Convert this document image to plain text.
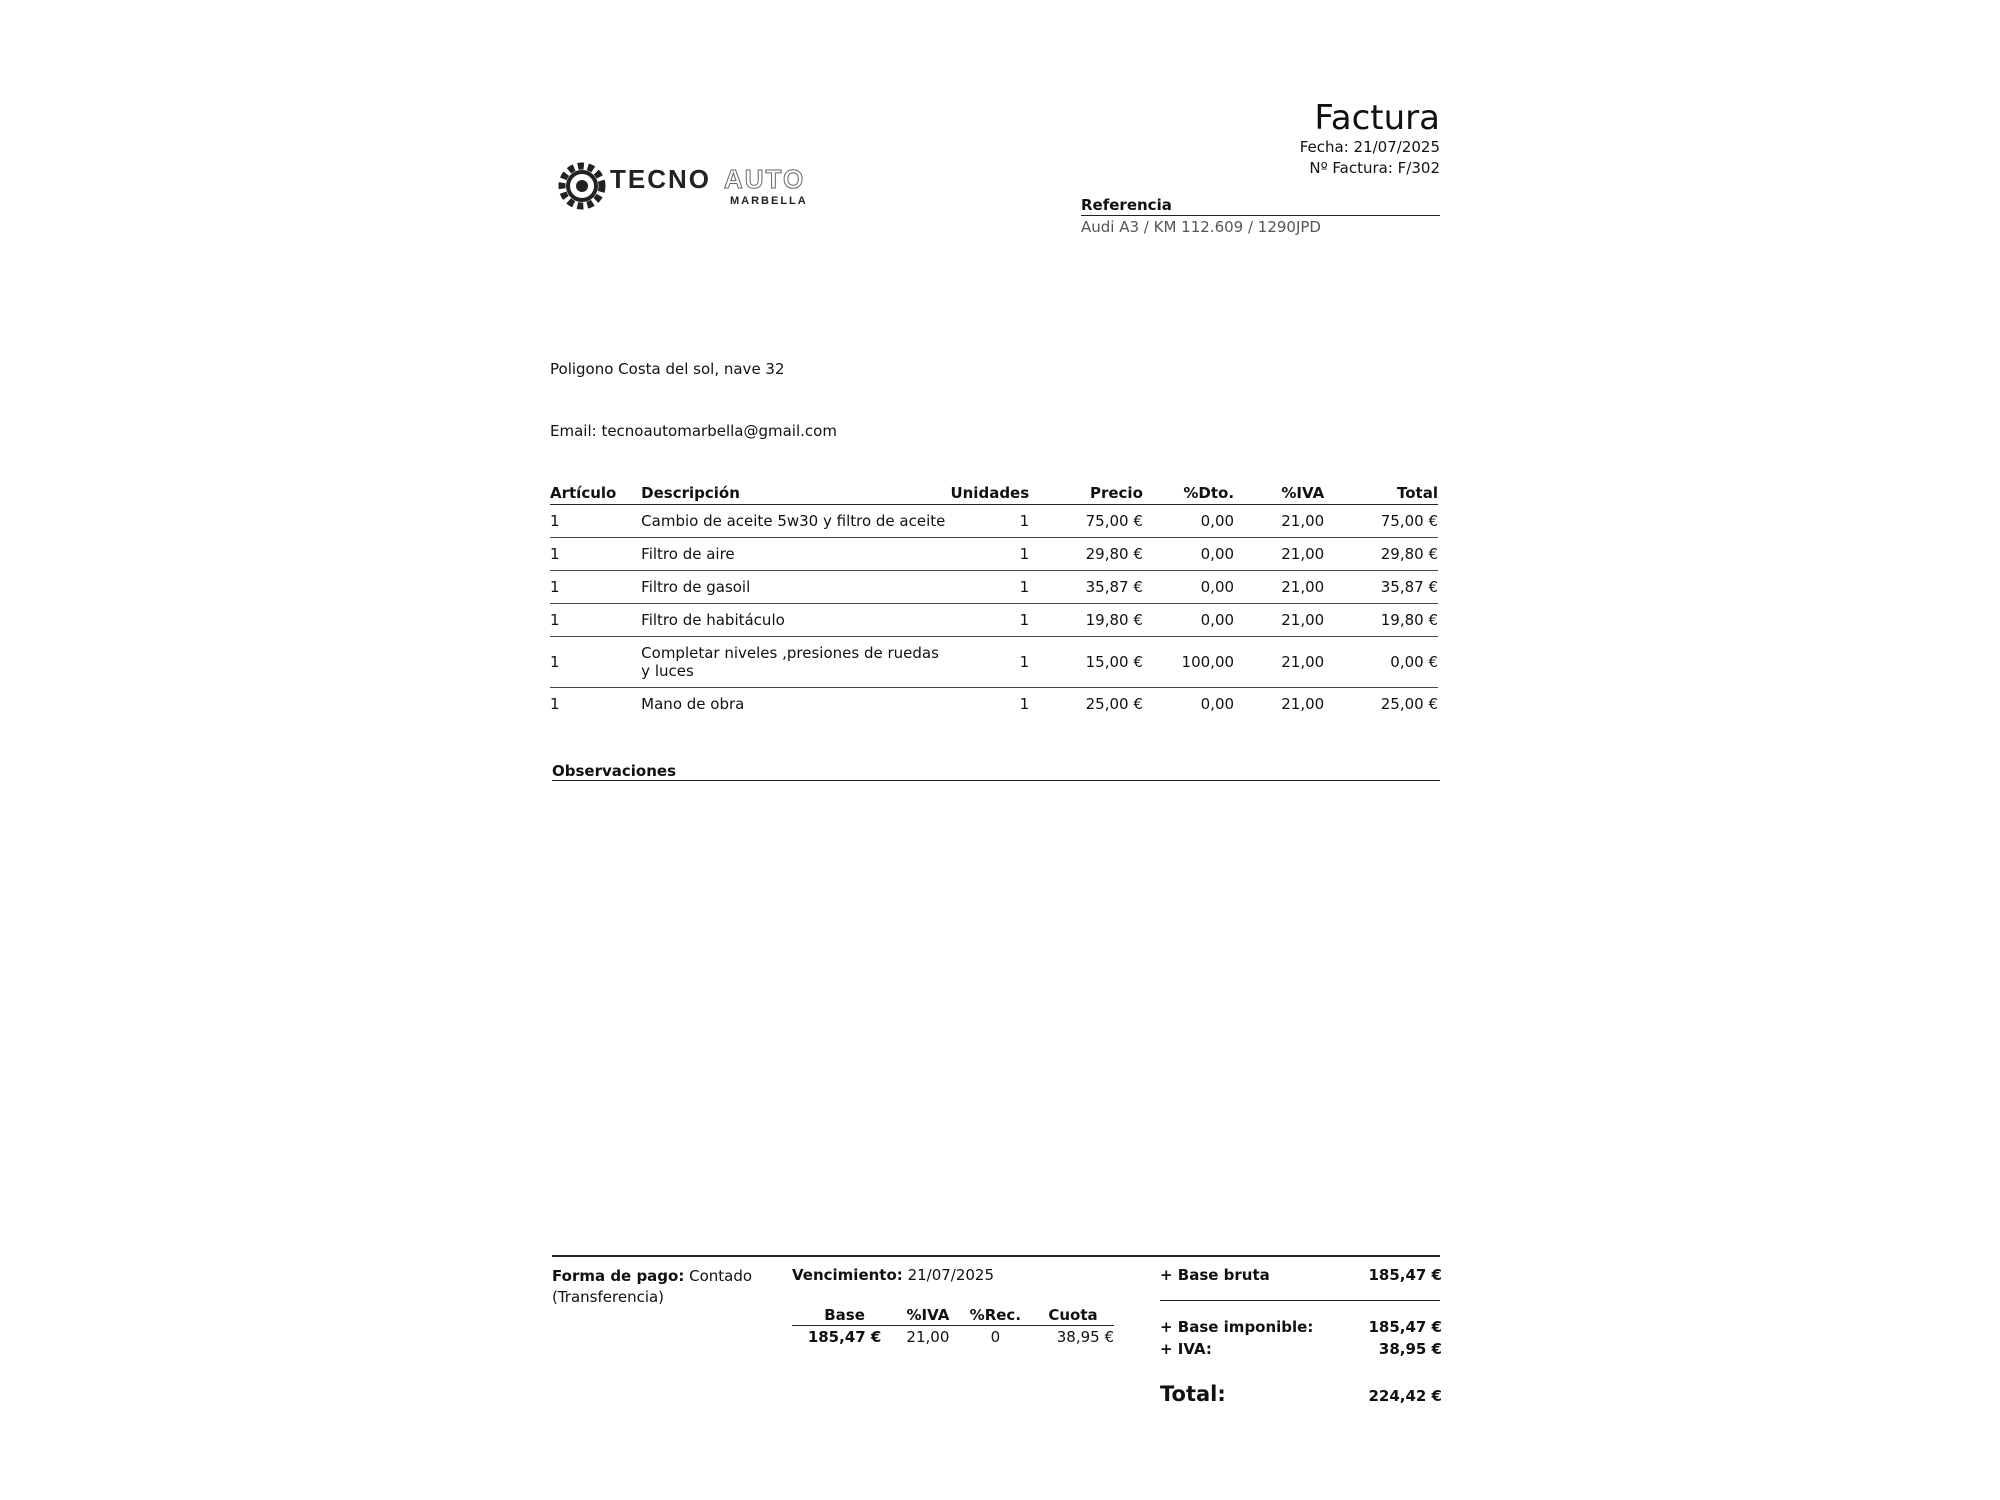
Factura
Fecha: 21/07/2025
Nº Factura: F/302
TECNO AUTO
MARBELLA	Referencia
Audi A3 / KM 112.609 / 1290JPD
Poligono Costa del sol, nave 32
Email: tecnoautomarbella@gmail.com
Artículo	Descripción	Unidades	Precio	%Dto.	%IVA	Total
1	Cambio de aceite 5w30 y filtro de aceite	1	75,00 €	0,00	21,00	75,00 €
1	Filtro de aire	1	29,80 €	0,00	21,00	29,80 €
1	Filtro de gasoil	1	35,87 €	0,00	21,00	35,87 €
1	Filtro de habitáculo	1	19,80 €	0,00	21,00	19,80 €
1	Completar niveles ,presiones de ruedas y luces	1	15,00 €	100,00	21,00	0,00 €
1	Mano de obra	1	25,00 €	0,00	21,00	25,00 €
Observaciones
Forma de pago: Contado (Transferencia)
Vencimiento: 21/07/2025
Base	%IVA	%Rec.	Cuota
185,47 €	21,00	0	38,95 €
+ Base bruta	185,47 €
+ Base imponible:	185,47 €
+ IVA:	38,95 €
Total:	224,42 €
